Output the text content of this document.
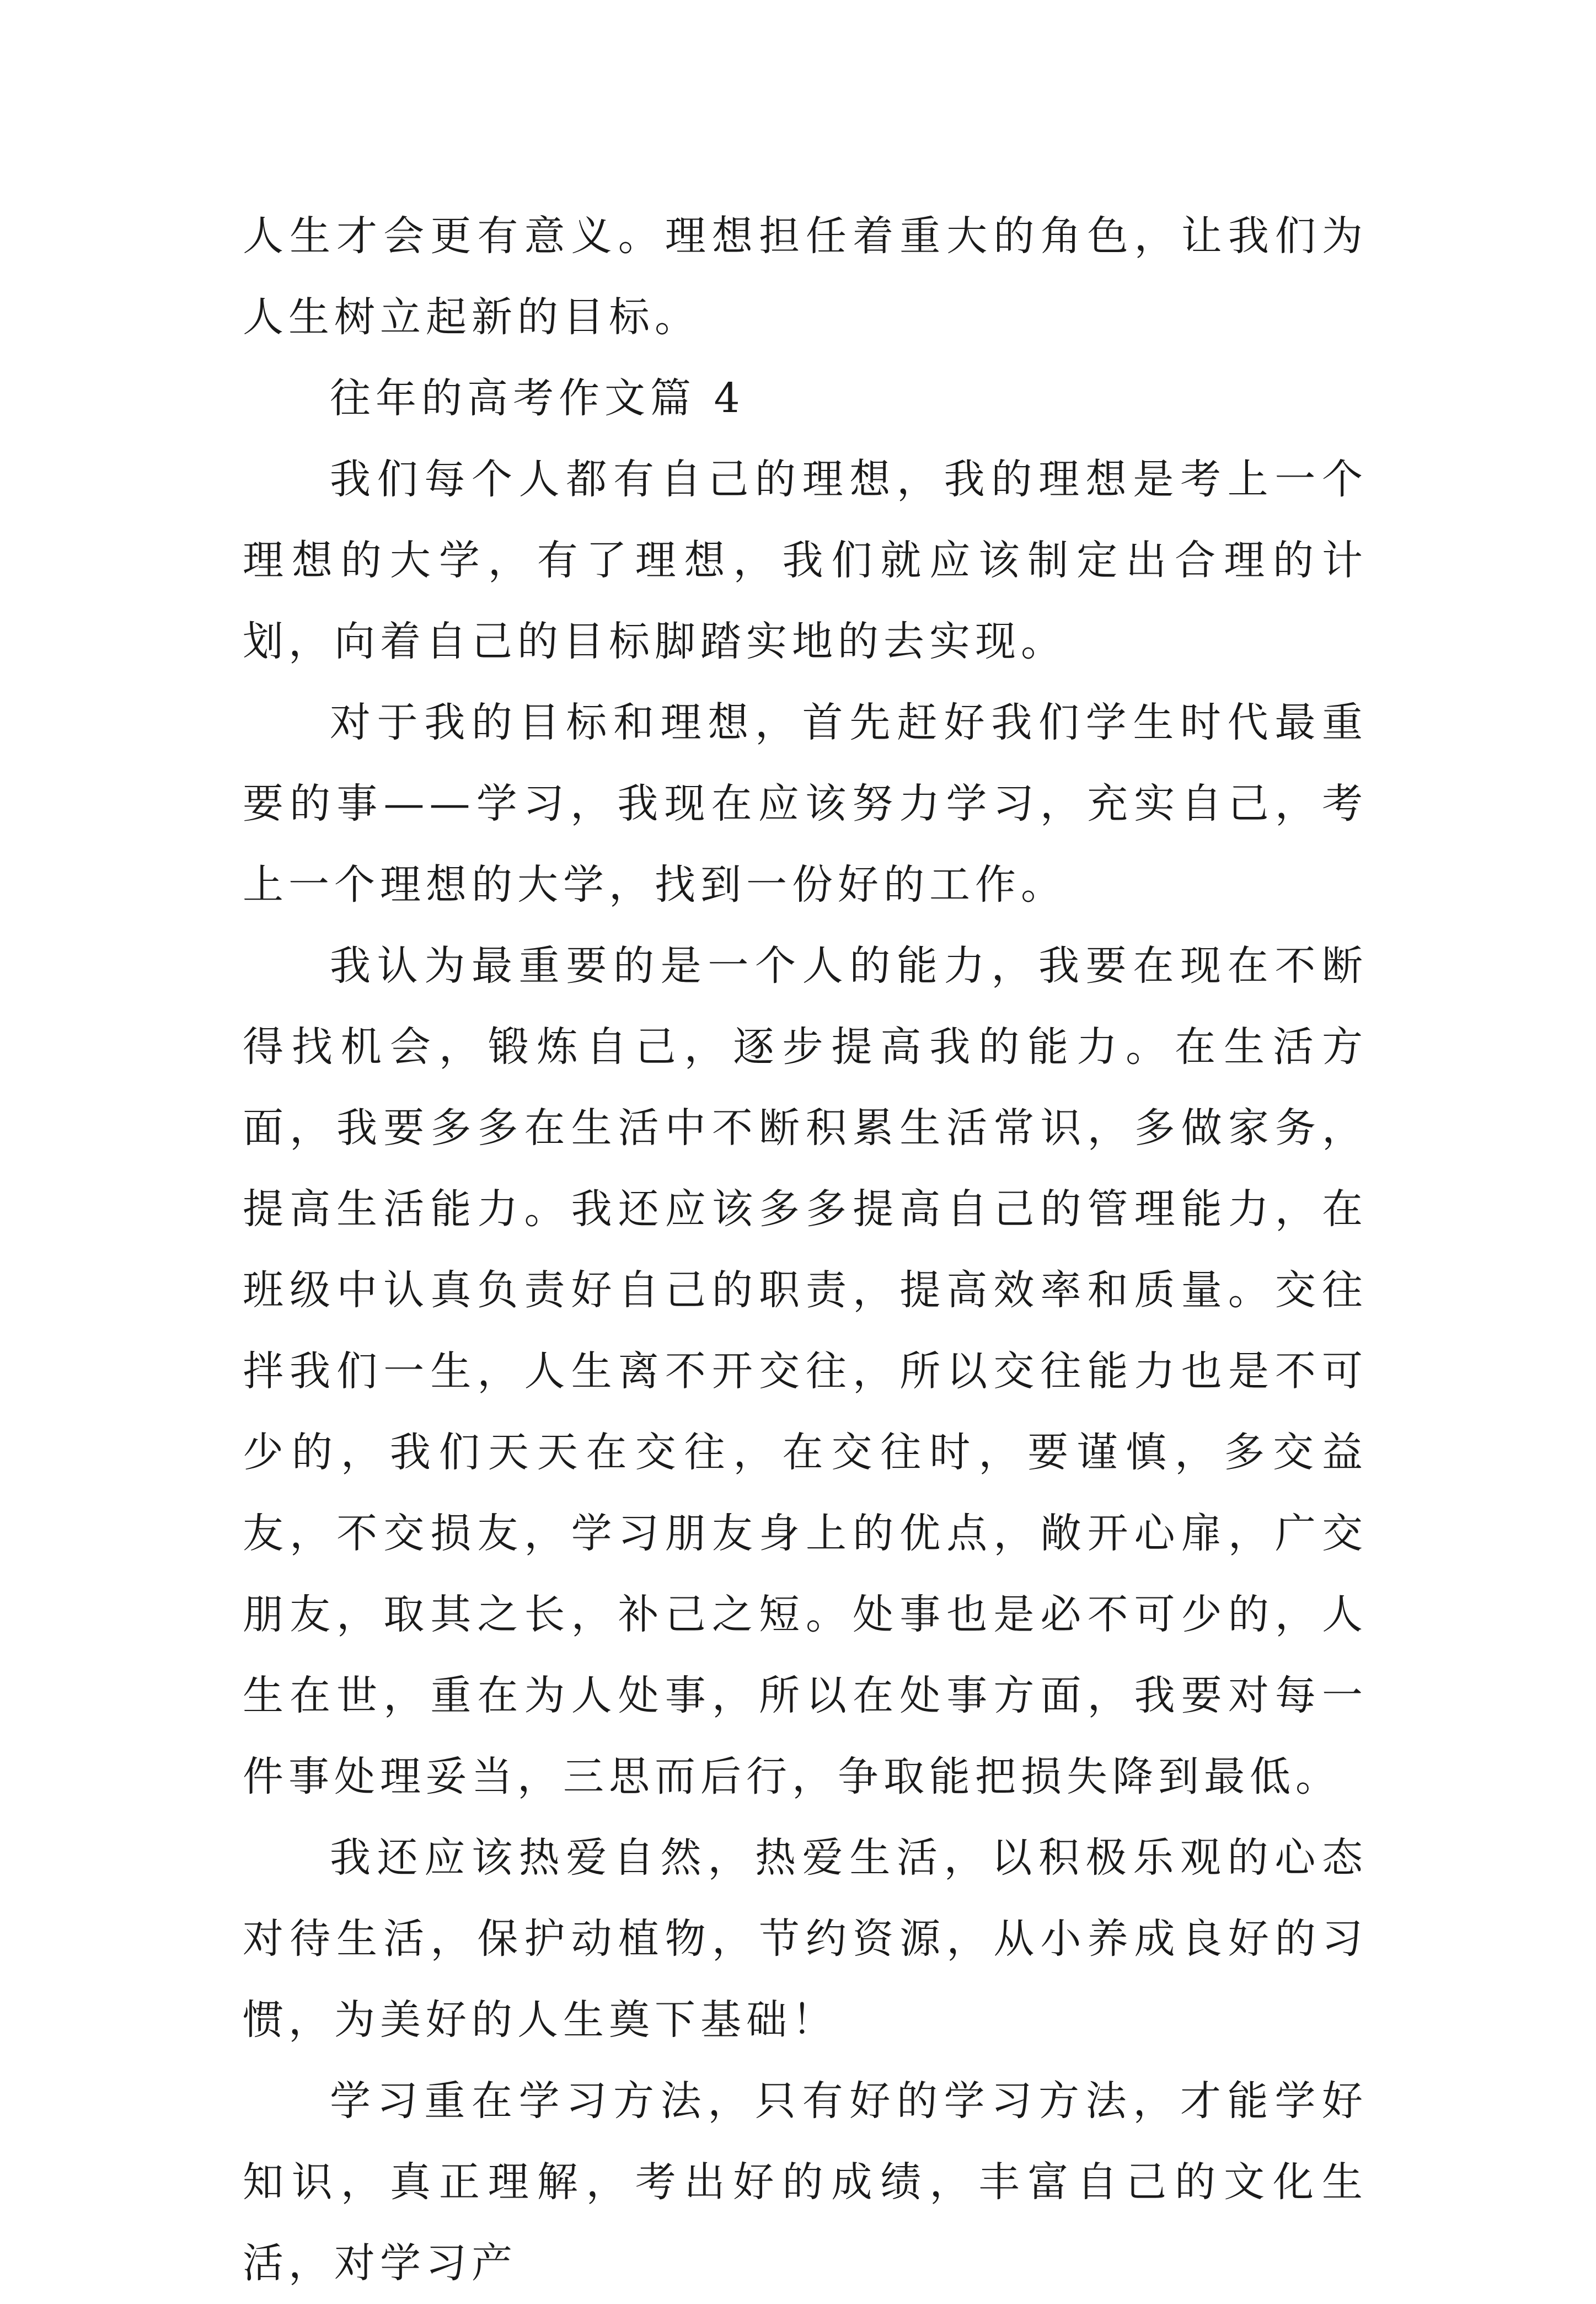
人生才会更有意义。理想担任着重大的角色，让我们为人生树立起新的目标。

往年的高考作文篇 4

我们每个人都有自己的理想，我的理想是考上一个理想的大学，有了理想，我们就应该制定出合理的计划，向着自己的目标脚踏实地的去实现。

对于我的目标和理想，首先赶好我们学生时代最重要的事——学习，我现在应该努力学习，充实自己，考上一个理想的大学，找到一份好的工作。

我认为最重要的是一个人的能力，我要在现在不断得找机会，锻炼自己，逐步提高我的能力。在生活方面，我要多多在生活中不断积累生活常识，多做家务，提高生活能力。我还应该多多提高自己的管理能力，在班级中认真负责好自己的职责，提高效率和质量。交往拌我们一生，人生离不开交往，所以交往能力也是不可少的，我们天天在交往，在交往时，要谨慎，多交益友，不交损友，学习朋友身上的优点，敞开心扉，广交朋友，取其之长，补己之短。处事也是必不可少的，人生在世，重在为人处事，所以在处事方面，我要对每一件事处理妥当，三思而后行，争取能把损失降到最低。

我还应该热爱自然，热爱生活，以积极乐观的心态对待生活，保护动植物，节约资源，从小养成良好的习惯，为美好的人生奠下基础！

学习重在学习方法，只有好的学习方法，才能学好知识，真正理解，考出好的成绩，丰富自己的文化生活，对学习产
